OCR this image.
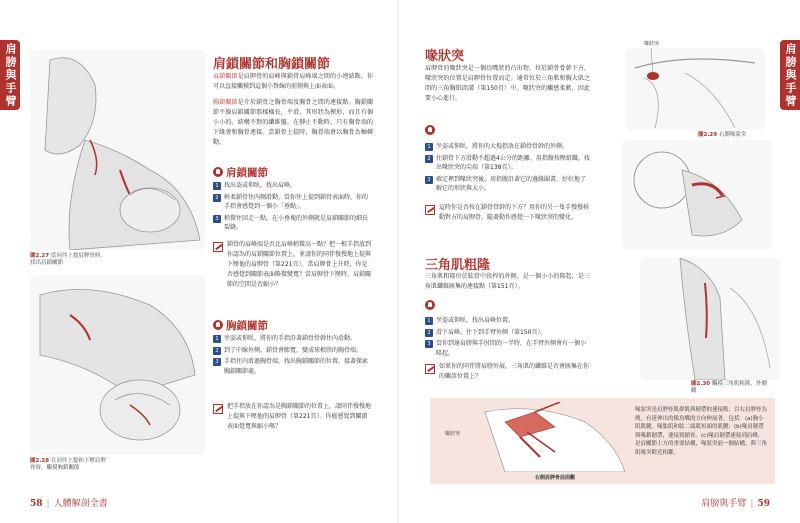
肩膀與手臂
圖2.27 當同伴上提肩胛骨時，找出肩鎖關節
圖2.28 在同伴上提和下壓肩胛骨時，觸摸胸鎖關節
肩鎖關節和胸鎖關節
肩鎖關節是肩胛骨的肩峰與鎖骨肩峰端之間的小連結點。你可以直接觸摸到這個小脊線的前側與上面表面。
胸鎖關節是介於鎖骨之胸骨端及胸骨之間的連接點。胸鎖關節不像肩鎖關節那樣橫長，平滑，其形狀為楔形，而且有個小小的、結構不對的纖維盤。在靜止不動時，只有胸骨端的下緣會和胸骨連接。當鎖骨上提時，胸骨端會以胸骨為軸轉動。
肩鎖關節
1 找出姿或仰臥，找出肩峰。
2 輕柔鎖骨往內側滑動，當你往上提到鎖骨表面時，你的手指會感覺到一個小「垂點」。
3 稍微往回走一點，在小垂塊的外側就是肩鎖關節的細長裂縫。
鎖骨的肩峰端是否比肩峰稍微高一點？把一根手指放到你認為的肩鎖關節位置上，並請你的同伴慢慢地上提與下壓他的肩胛骨（第221頁）。當肩胛骨上升時，你是否感覺到關節表面略微變寬？當肩胛骨下壓時，肩鎖關節的空間是否縮小？
胸鎖關節
1 坐姿或仰臥，將你的手指沿著鎖骨骨幹往內滑動。
2 到了中線外側，鎖骨會膨寬，變成球根狀的胸骨端。
3 手指往內滑過胸骨端，找出胸鎖關節的位置，接著探索胸鎖關節處。
把手指放在你認為是胸鎖關節的位置上，請同伴慢慢地上提與下壓他的肩胛骨（第221頁）。你能感覺到關節表面覺寬與縮小嗎？
58 | 人體解剖全書
肩膀與手臂
喙狀突
肩胛骨的喙狀突是一個鳥嘴狀的凸出物，位於鎖骨骨幹下方，喙狀突的位置是肩胛骨位置而定。通常位於三角肌和胸大肌之間的三角胸肌間溝（第150頁）中。喙狀突的觸感柔軟，因此要小心進行。
1 坐姿或仰臥，將你的大拇指放在鎖骨骨幹的外側。
2 往鎖骨下方滑動不超過4公分的距離，用指腹按壓組織，找出喙狀突的尖端（第138頁）。
3 確定裡到喙狀突後，用指腹沿著它的邊緣圍畫，好好地了解它的形狀與大小。
這時你是否按在鎖骨骨幹的下方？用你的另一隻手慢慢移動對方的肩胛骨，隨著動作感覺一下喙狀突的變化。
三角肌粗隆
三角肌粗隆位於肱骨中段桿的外側，是一個小小的隆起，是三角肌纖維匯集的連接點（第151頁）。
1 坐姿或仰臥，找出肩峰位置。
2 滑下肩峰，往下到手臂外側（第150頁）。
3 當你到達肩膀與手肘間的一半時，在手臂外側會有一個小隆起。
如果你的同伴將肩膀外展，三角肌的纖維是否會匯集在你的觸診位置上？
喙狀突
圖2.29 右側喙狀突
圖2.30 觸摸三角肌粗隆，外側觀
喙狀突
右側肩胛骨前面觀
喙狀突是肩胛骨肌群肌與韌帶的連接點，以右肩胛骨為例，有延伸出的像鳥嘴的方向伸展著，包括：(a)胸小肌肌腱、喙肱肌和肱二頭肌短頭的肌腱；(b)喙肩韌帶與喙鎖韌帶，連接到鎖骨。(c)喙肩韌帶連接到肩峰，是肩關節上方的重要結構，喙狀突前一個結構，與三角肌喙突附近相鄰。
肩膀與手臂 | 59
